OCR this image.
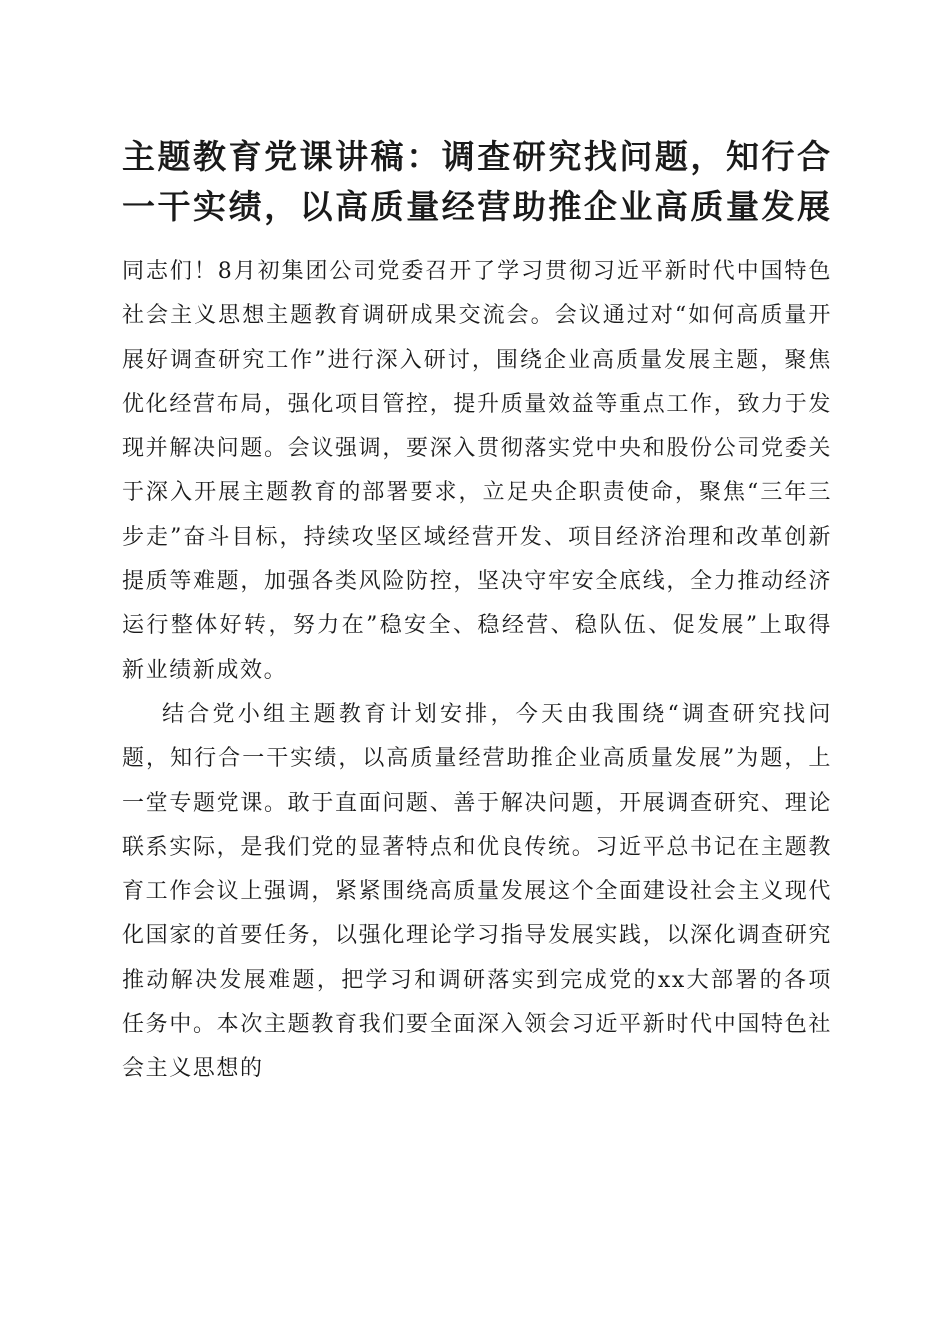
主题教育党课讲稿：调查研究找问题，知行合
一干实绩，以高质量经营助推企业高质量发展

同志们！8月初集团公司党委召开了学习贯彻习近平新时代中国特色社会主义思想主题教育调研成果交流会。会议通过对“如何高质量开展好调查研究工作”进行深入研讨，围绕企业高质量发展主题，聚焦优化经营布局，强化项目管控，提升质量效益等重点工作，致力于发现并解决问题。会议强调，要深入贯彻落实党中央和股份公司党委关于深入开展主题教育的部署要求，立足央企职责使命，聚焦“三年三步走”奋斗目标，持续攻坚区域经营开发、项目经济治理和改革创新提质等难题，加强各类风险防控，坚决守牢安全底线，全力推动经济运行整体好转，努力在”稳安全、稳经营、稳队伍、促发展”上取得新业绩新成效。

结合党小组主题教育计划安排，今天由我围绕“调查研究找问题，知行合一干实绩，以高质量经营助推企业高质量发展”为题，上一堂专题党课。敢于直面问题、善于解决问题，开展调查研究、理论联系实际，是我们党的显著特点和优良传统。习近平总书记在主题教育工作会议上强调，紧紧围绕高质量发展这个全面建设社会主义现代化国家的首要任务，以强化理论学习指导发展实践，以深化调查研究推动解决发展难题，把学习和调研落实到完成党的xx大部署的各项任务中。本次主题教育我们要全面深入领会习近平新时代中国特色社会主义思想的
